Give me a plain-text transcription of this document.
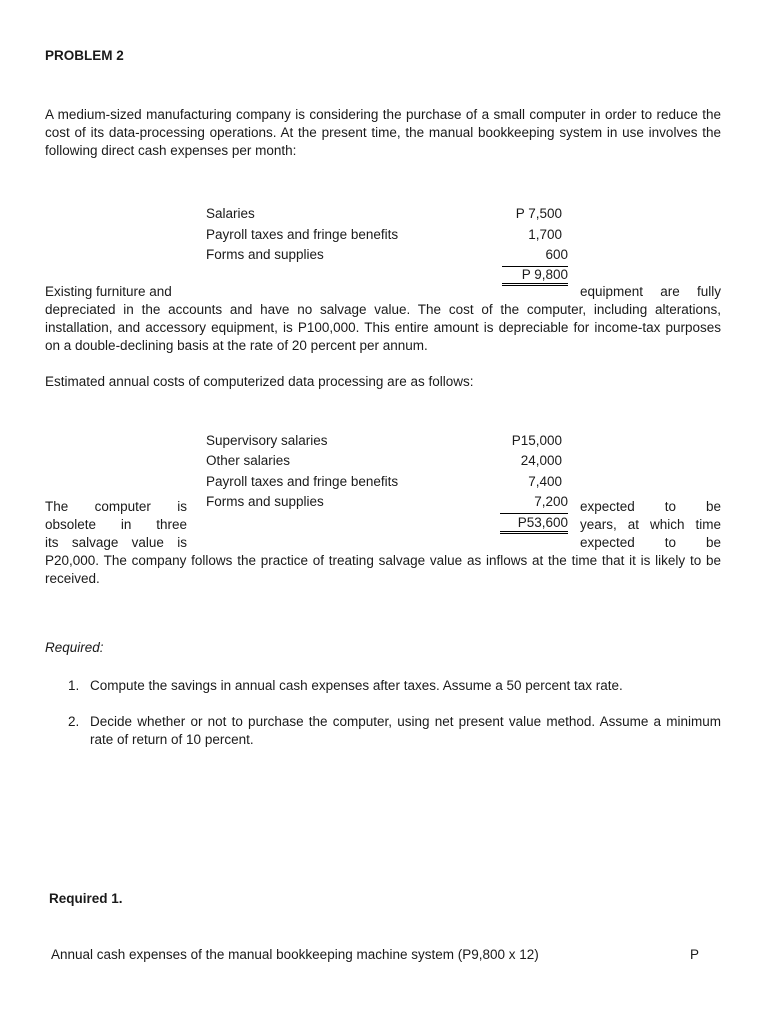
PROBLEM 2
A medium-sized manufacturing company is considering the purchase of a small computer in order to reduce the cost of its data-processing operations. At the present time, the manual bookkeeping system in use involves the following direct cash expenses per month:
Salaries	P 7,500
Payroll taxes and fringe benefits	1,700
Forms and supplies	600
P 9,800
Existing furniture and	equipment are fully
depreciated in the accounts and have no salvage value. The cost of the computer, including alterations, installation, and accessory equipment, is P100,000. This entire amount is depreciable for income-tax purposes on a double-declining basis at the rate of 20 percent per annum.
Estimated annual costs of computerized data processing are as follows:
Supervisory salaries	P15,000
Other salaries	24,000
Payroll taxes and fringe benefits	7,400
Forms and supplies	7,200
P53,600
The computer is
obsolete in three
its salvage value is
expected to be
years, at which time
expected to be
P20,000. The company follows the practice of treating salvage value as inflows at the time that it is likely to be received.
Required:
1. Compute the savings in annual cash expenses after taxes. Assume a 50 percent tax rate.
2. Decide whether or not to purchase the computer, using net present value method. Assume a minimum rate of return of 10 percent.
Required 1.
Annual cash expenses of the manual bookkeeping machine system (P9,800 x 12)	P
